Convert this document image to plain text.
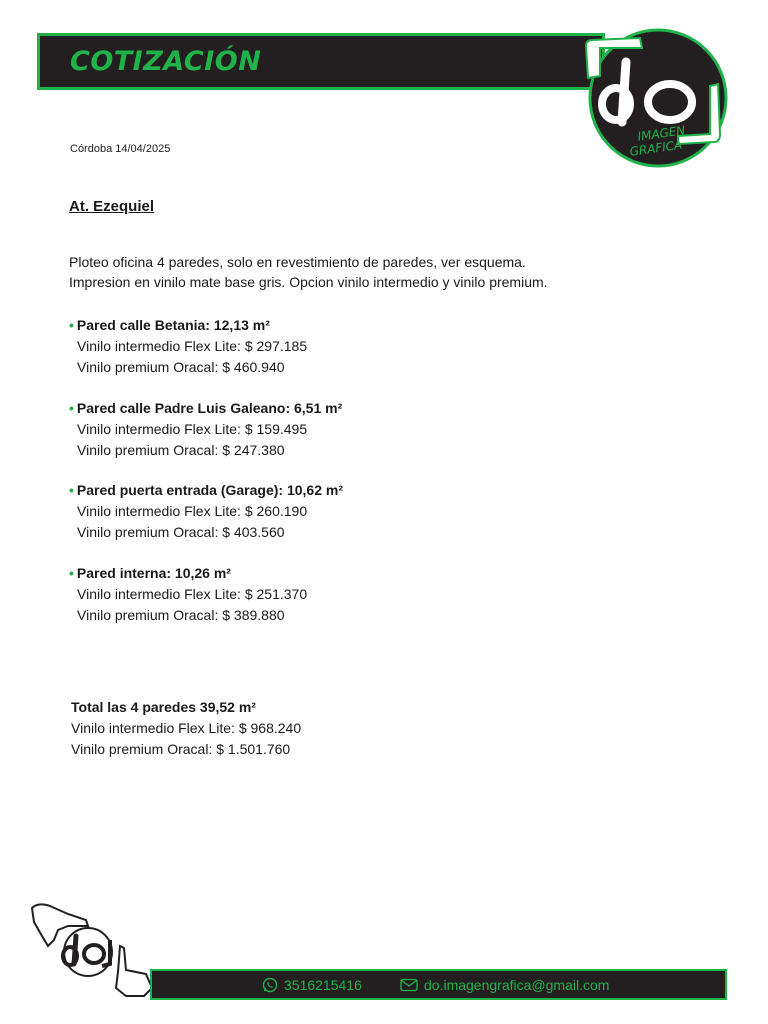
COTIZACIÓN
IMAGEN
GRAFICA
Córdoba 14/04/2025
At. Ezequiel
Ploteo oficina 4 paredes, solo en revestimiento de paredes, ver esquema.
Impresion en vinilo mate base gris. Opcion vinilo intermedio y vinilo premium.
• Pared calle Betania: 12,13 m²
Vinilo intermedio Flex Lite: $ 297.185
Vinilo premium Oracal: $ 460.940
• Pared calle Padre Luis Galeano: 6,51 m²
Vinilo intermedio Flex Lite: $ 159.495
Vinilo premium Oracal: $ 247.380
• Pared puerta entrada (Garage): 10,62 m²
Vinilo intermedio Flex Lite: $ 260.190
Vinilo premium Oracal: $ 403.560
• Pared interna: 10,26 m²
Vinilo intermedio Flex Lite: $ 251.370
Vinilo premium Oracal: $ 389.880
Total las 4 paredes 39,52 m²
Vinilo intermedio Flex Lite: $ 968.240
Vinilo premium Oracal: $ 1.501.760
3516215416	do.imagengrafica@gmail.com
